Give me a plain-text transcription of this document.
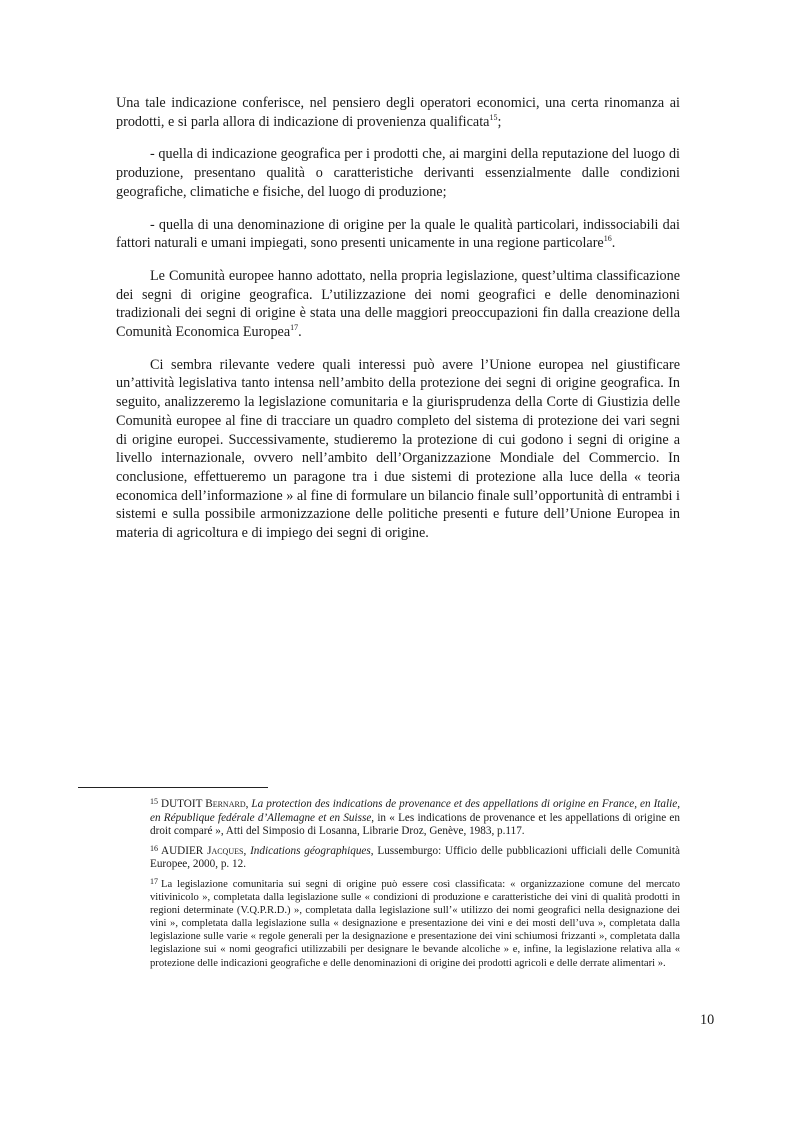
Una tale indicazione conferisce, nel pensiero degli operatori economici, una certa rinomanza ai prodotti, e si parla allora di indicazione di provenienza qualificata$^{15}$;

- quella di indicazione geografica per i prodotti che, ai margini della reputazione del luogo di produzione, presentano qualità o caratteristiche derivanti essenzialmente dalle condizioni geografiche, climatiche e fisiche, del luogo di produzione;

- quella di una denominazione di origine per la quale le qualità particolari, indissociabili dai fattori naturali e umani impiegati, sono presenti unicamente in una regione particolare$^{16}$.

Le Comunità europee hanno adottato, nella propria legislazione, quest’ultima classificazione dei segni di origine geografica. L’utilizzazione dei nomi geografici e delle denominazioni tradizionali dei segni di origine è stata una delle maggiori preoccupazioni fin dalla creazione della Comunità Economica Europea$^{17}$.

Ci sembra rilevante vedere quali interessi può avere l’Unione europea nel giustificare un’attività legislativa tanto intensa nell’ambito della protezione dei segni di origine geografica. In seguito, analizzeremo la legislazione comunitaria e la giurisprudenza della Corte di Giustizia delle Comunità europee al fine di tracciare un quadro completo del sistema di protezione dei vari segni di origine europei. Successivamente, studieremo la protezione di cui godono i segni di origine a livello internazionale, ovvero nell’ambito dell’Organizzazione Mondiale del Commercio. In conclusione, effettueremo un paragone tra i due sistemi di protezione alla luce della « teoria economica dell’informazione » al fine di formulare un bilancio finale sull’opportunità di entrambi i sistemi e sulla possibile armonizzazione delle politiche presenti e future dell’Unione Europea in materia di agricoltura e di impiego dei segni di origine.

$^{15}$ DUTOIT Bernard, La protection des indications de provenance et des appellations di origine en France, en Italie, en République fedérale d’Allemagne et en Suisse, in « Les indications de provenance et les appellations di origine en droit comparé », Atti del Simposio di Losanna, Librarie Droz, Genève, 1983, p.117.
$^{16}$ AUDIER Jacques, Indications géographiques, Lussemburgo: Ufficio delle pubblicazioni ufficiali delle Comunità Europee, 2000, p. 12.
$^{17}$ La legislazione comunitaria sui segni di origine può essere così classificata: « organizzazione comune del mercato vitivinicolo », completata dalla legislazione sulle « condizioni di produzione e caratteristiche dei vini di qualità prodotti in regioni determinate (V.Q.P.R.D.) », completata dalla legislazione sull’« utilizzo dei nomi geografici nella designazione dei vini », completata dalla legislazione sulla « designazione e presentazione dei vini e dei mosti dell’uva », completata dalla legislazione sulle varie « regole generali per la designazione e presentazione dei vini schiumosi frizzanti », completata dalla legislazione sui « nomi geografici utilizzabili per designare le bevande alcoliche » e, infine, la legislazione relativa alla « protezione delle indicazioni geografiche e delle denominazioni di origine dei prodotti agricoli e delle derrate alimentari ».
10
